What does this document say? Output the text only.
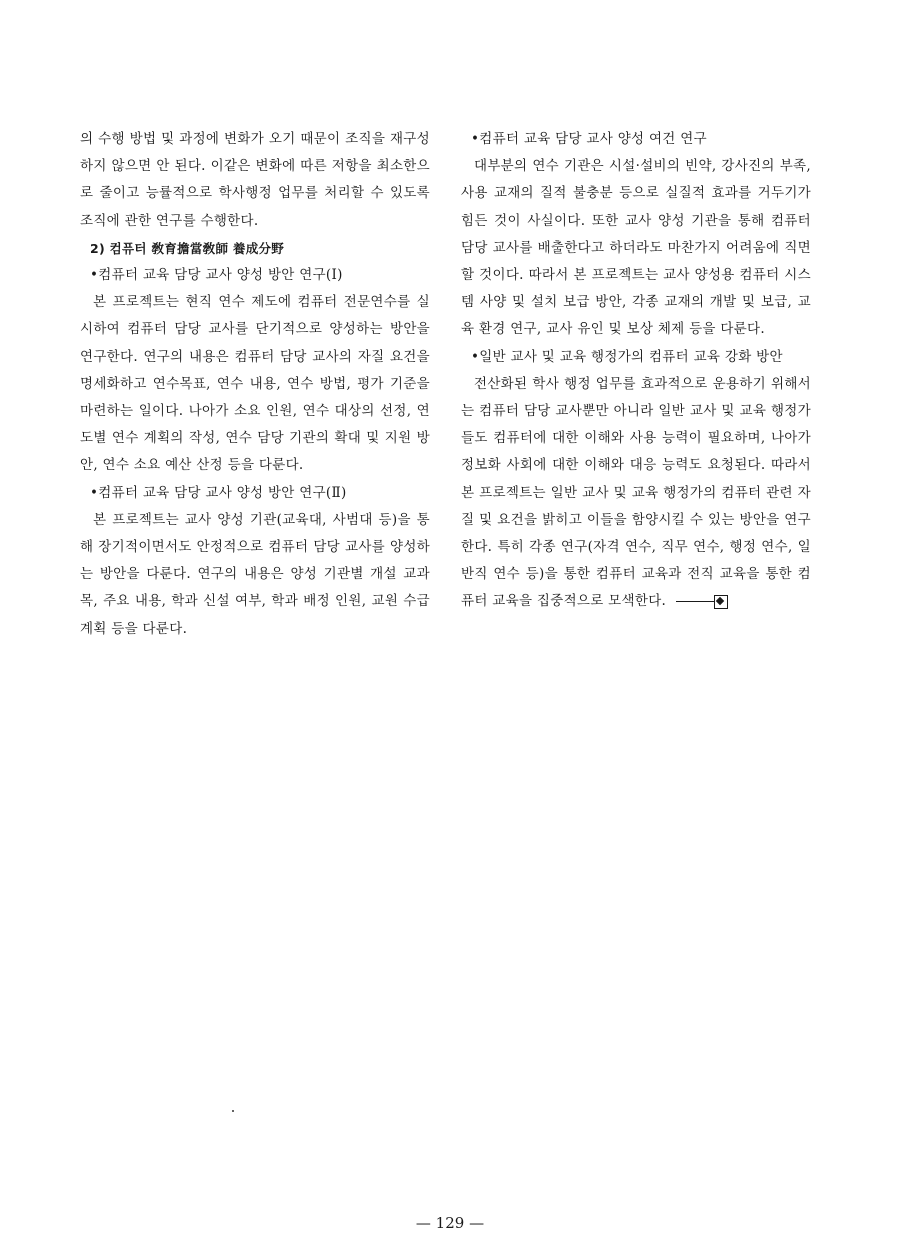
의 수행 방법 및 과정에 변화가 오기 때문이 조직을 재구성하지 않으면 안 된다. 이같은 변화에 따른 저항을 최소한으로 줄이고 능률적으로 학사행정 업무를 처리할 수 있도록 조직에 관한 연구를 수행한다.

2) 컴퓨터 敎育擔當敎師 養成分野

•컴퓨터 교육 담당 교사 양성 방안 연구(Ⅰ)

본 프로젝트는 현직 연수 제도에 컴퓨터 전문연수를 실시하여 컴퓨터 담당 교사를 단기적으로 양성하는 방안을 연구한다. 연구의 내용은 컴퓨터 담당 교사의 자질 요건을 명세화하고 연수목표, 연수 내용, 연수 방법, 평가 기준을 마련하는 일이다. 나아가 소요 인원, 연수 대상의 선정, 연도별 연수 계획의 작성, 연수 담당 기관의 확대 및 지원 방안, 연수 소요 예산 산정 등을 다룬다.

•컴퓨터 교육 담당 교사 양성 방안 연구(Ⅱ)

본 프로젝트는 교사 양성 기관(교육대, 사범대 등)을 통해 장기적이면서도 안정적으로 컴퓨터 담당 교사를 양성하는 방안을 다룬다. 연구의 내용은 양성 기관별 개설 교과목, 주요 내용, 학과 신설 여부, 학과 배정 인원, 교원 수급 계획 등을 다룬다.

•컴퓨터 교육 담당 교사 양성 여건 연구

대부분의 연수 기관은 시설·설비의 빈약, 강사진의 부족, 사용 교재의 질적 불충분 등으로 실질적 효과를 거두기가 힘든 것이 사실이다. 또한 교사 양성 기관을 통해 컴퓨터 담당 교사를 배출한다고 하더라도 마찬가지 어려움에 직면할 것이다. 따라서 본 프로젝트는 교사 양성용 컴퓨터 시스템 사양 및 설치 보급 방안, 각종 교재의 개발 및 보급, 교육 환경 연구, 교사 유인 및 보상 체제 등을 다룬다.

•일반 교사 및 교육 행정가의 컴퓨터 교육 강화 방안

전산화된 학사 행정 업무를 효과적으로 운용하기 위해서는 컴퓨터 담당 교사뿐만 아니라 일반 교사 및 교육 행정가들도 컴퓨터에 대한 이해와 사용 능력이 필요하며, 나아가 정보화 사회에 대한 이해와 대응 능력도 요청된다. 따라서 본 프로젝트는 일반 교사 및 교육 행정가의 컴퓨터 관련 자질 및 요건을 밝히고 이들을 함양시킬 수 있는 방안을 연구한다. 특히 각종 연구(자격 연수, 직무 연수, 행정 연수, 일반직 연수 등)을 통한 컴퓨터 교육과 전직 교육을 통한 컴퓨터 교육을 집중적으로 모색한다.

— 129 —
